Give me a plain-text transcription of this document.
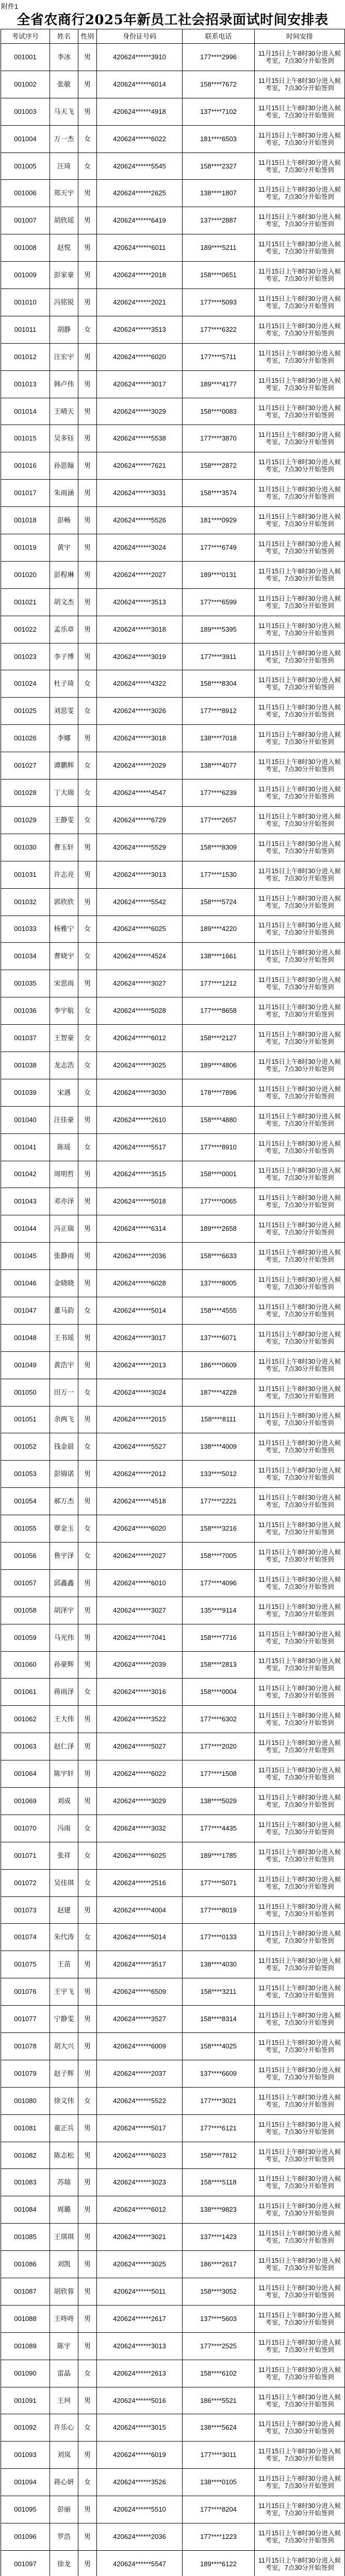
附件1
全省农商行2025年新员工社会招录面试时间安排表
考试序号	姓名	性别	身份证号码	联系电话	时间安排
001001	李冰	男	420624******3910	177****2996	11月15日上午8时30分进入候考室，7点30分开始签到
001002	张敏	男	420624******6014	158****7672	11月15日上午8时30分进入候考室，7点30分开始签到
001003	马天飞	男	420624******4918	137****7102	11月15日上午8时30分进入候考室，7点30分开始签到
001004	万一杰	女	420624******6022	181****6503	11月15日上午8时30分进入候考室，7点30分开始签到
001005	汪琦	女	420624******5545	158****2327	11月15日上午8时30分进入候考室，7点30分开始签到
001006	郑天宇	男	420624******2625	138****1807	11月15日上午8时30分进入候考室，7点30分开始签到
001007	胡欣瑶	男	420624******6419	137****2887	11月15日上午8时30分进入候考室，7点30分开始签到
001008	赵悦	男	420624******6011	189****5211	11月15日上午8时30分进入候考室，7点30分开始签到
001009	彭家豪	男	420624******2018	158****0651	11月15日上午8时30分进入候考室，7点30分开始签到
001010	冯铭锐	男	420624******2021	177****5093	11月15日上午8时30分进入候考室，7点30分开始签到
001011	胡静	女	420624******3513	177****6322	11月15日上午8时30分进入候考室，7点30分开始签到
001012	汪宏宇	男	420624******6020	177****5711	11月15日上午8时30分进入候考室，7点30分开始签到
001013	韩卢伟	男	420624******3017	189****4177	11月15日上午8时30分进入候考室，7点30分开始签到
001014	王晴天	男	420624******3029	158****0083	11月15日上午8时30分进入候考室，7点30分开始签到
001015	吴多钰	男	420624******5538	177****3870	11月15日上午8时30分进入候考室，7点30分开始签到
001016	孙思翰	男	420624******7621	158****2872	11月15日上午8时30分进入候考室，7点30分开始签到
001017	朱雨涵	男	420624******3031	158****3574	11月15日上午8时30分进入候考室，7点30分开始签到
001018	彭畅	男	420624******5526	181****0929	11月15日上午8时30分进入候考室，7点30分开始签到
001019	黄宇	男	420624******3024	177****6749	11月15日上午8时30分进入候考室，7点30分开始签到
001020	彭程琳	男	420624******2027	189****0131	11月15日上午8时30分进入候考室，7点30分开始签到
001021	胡文杰	男	420624******3513	177****6599	11月15日上午8时30分进入候考室，7点30分开始签到
001022	孟乐章	男	420624******3018	189****5395	11月15日上午8时30分进入候考室，7点30分开始签到
001023	李子博	男	420624******3019	177****3911	11月15日上午8时30分进入候考室，7点30分开始签到
001024	杜子琦	女	420624******4322	158****8304	11月15日上午8时30分进入候考室，7点30分开始签到
001025	刘思雯	女	420624******3026	177****8912	11月15日上午8时30分进入候考室，7点30分开始签到
001026	李娜	男	420624******3018	138****7018	11月15日上午8时30分进入候考室，7点30分开始签到
001027	谭鹏辉	女	420624******2029	138****4077	11月15日上午8时30分进入候考室，7点30分开始签到
001028	丁大瑞	女	420624******4547	177****6239	11月15日上午8时30分进入候考室，7点30分开始签到
001029	王静雯	女	420624******6729	177****2657	11月15日上午8时30分进入候考室，7点30分开始签到
001030	曹玉轩	男	420624******5529	158****8309	11月15日上午8时30分进入候考室，7点30分开始签到
001031	许志亮	男	420624******3013	177****1530	11月15日上午8时30分进入候考室，7点30分开始签到
001032	郭欣欣	男	420624******5542	158****5724	11月15日上午8时30分进入候考室，7点30分开始签到
001033	杨雅宁	女	420624******6025	189****4220	11月15日上午8时30分进入候考室，7点30分开始签到
001034	曹晓宇	女	420624******4524	138****1661	11月15日上午8时30分进入候考室，7点30分开始签到
001035	宋思雨	男	420624******3027	177****1212	11月15日上午8时30分进入候考室，7点30分开始签到
001036	李宇航	女	420624******5028	177****8658	11月15日上午8时30分进入候考室，7点30分开始签到
001037	王智豪	女	420624******6012	158****2127	11月15日上午8时30分进入候考室，7点30分开始签到
001038	龙志浩	女	420624******3025	189****4806	11月15日上午8时30分进入候考室，7点30分开始签到
001039	宋遇	女	420624******3030	178****7896	11月15日上午8时30分进入候考室，7点30分开始签到
001040	汪佳豪	男	420624******2610	158****4880	11月15日上午8时30分进入候考室，7点30分开始签到
001041	陈瑶	女	420624******5517	177****8910	11月15日上午8时30分进入候考室，7点30分开始签到
001042	周明哲	男	420624******3515	158****0001	11月15日上午8时30分进入候考室，7点30分开始签到
001043	邓亦泽	男	420624******5018	177****0065	11月15日上午8时30分进入候考室，7点30分开始签到
001044	冯正瑞	男	420624******6314	189****2658	11月15日上午8时30分进入候考室，7点30分开始签到
001045	张静雨	男	420624******2036	158****6633	11月15日上午8时30分进入候考室，7点30分开始签到
001046	金晓晓	男	420624******6028	137****8005	11月15日上午8时30分进入候考室，7点30分开始签到
001047	董马韵	女	420624******5014	158****4555	11月15日上午8时30分进入候考室，7点30分开始签到
001048	王书瑶	男	420624******3017	137****6071	11月15日上午8时30分进入候考室，7点30分开始签到
001049	黄浩宇	男	420624******2013	186****0609	11月15日上午8时30分进入候考室，7点30分开始签到
001050	田万一	女	420624******3024	187****4228	11月15日上午8时30分进入候考室，7点30分开始签到
001051	余两飞	男	420624******2015	158****8111	11月15日上午8时30分进入候考室，7点30分开始签到
001052	钱金晨	女	420624******5527	138****4009	11月15日上午8时30分进入候考室，7点30分开始签到
001053	彭锦诺	男	420624******2012	133****5012	11月15日上午8时30分进入候考室，7点30分开始签到
001054	郝万杰	男	420624******4518	177****2221	11月15日上午8时30分进入候考室，7点30分开始签到
001055	覃金玉	女	420624******6020	158****3216	11月15日上午8时30分进入候考室，7点30分开始签到
001056	鲁宇泽	女	420624******2027	158****7005	11月15日上午8时30分进入候考室，7点30分开始签到
001057	邱鑫鑫	男	420624******6010	177****4096	11月15日上午8时30分进入候考室，7点30分开始签到
001058	胡泽宇	男	420624******3027	135****9114	11月15日上午8时30分进入候考室，7点30分开始签到
001059	马光伟	男	420624******7041	158****7716	11月15日上午8时30分进入候考室，7点30分开始签到
001060	孙豪辉	男	420624******2039	158****2813	11月15日上午8时30分进入候考室，7点30分开始签到
001061	蒋雨泽	女	420624******3016	158****0004	11月15日上午8时30分进入候考室，7点30分开始签到
001062	王大伟	男	420624******3522	177****6302	11月15日上午8时30分进入候考室，7点30分开始签到
001063	赵仁泽	男	420624******5027	177****2020	11月15日上午8时30分进入候考室，7点30分开始签到
001064	陈宇轩	男	420624******6022	177****1508	11月15日上午8时30分进入候考室，7点30分开始签到
001069	刘成	男	420624******3029	138****5029	11月15日上午8时30分进入候考室，7点30分开始签到
001070	冯雨	女	420624******3032	177****4435	11月15日上午8时30分进入候考室，7点30分开始签到
001071	张祥	女	420624******6025	189****1785	11月15日上午8时30分进入候考室，7点30分开始签到
001072	吴佳琪	女	420624******2516	177****5071	11月15日上午8时30分进入候考室，7点30分开始签到
001073	赵建	男	420624******4004	177****8019	11月15日上午8时30分进入候考室，7点30分开始签到
001074	朱代涛	女	420624******5014	177****0133	11月15日上午8时30分进入候考室，7点30分开始签到
001075	王苗	男	420624******3517	138****4030	11月15日上午8时30分进入候考室，7点30分开始签到
001076	王宇飞	男	420624******6509	158****3211	11月15日上午8时30分进入候考室，7点30分开始签到
001077	宁静雯	男	420624******3527	158****8314	11月15日上午8时30分进入候考室，7点30分开始签到
001078	胡大兴	男	420624******6009	158****4025	11月15日上午8时30分进入候考室，7点30分开始签到
001079	赵子辉	男	420624******2037	137****6609	11月15日上午8时30分进入候考室，7点30分开始签到
001080	徐文伟	女	420624******5522	177****3021	11月15日上午8时30分进入候考室，7点30分开始签到
001081	童正兵	男	420624******5017	177****6121	11月15日上午8时30分进入候考室，7点30分开始签到
001082	陈志松	男	420624******6023	158****7812	11月15日上午8时30分进入候考室，7点30分开始签到
001083	苏瑞	男	420624******3023	158****5118	11月15日上午8时30分进入候考室，7点30分开始签到
001084	周璐	男	420624******6012	138****9823	11月15日上午8时30分进入候考室，7点30分开始签到
001085	王琪琪	男	420624******3021	137****1423	11月15日上午8时30分进入候考室，7点30分开始签到
001086	刘凯	男	420624******3025	186****2617	11月15日上午8时30分进入候考室，7点30分开始签到
001087	胡欣蓉	男	420624******5011	158****3052	11月15日上午8时30分进入候考室，7点30分开始签到
001088	王咚咚	男	420624******2617	137****5603	11月15日上午8时30分进入候考室，7点30分开始签到
001089	陈宇	男	420624******3013	177****2525	11月15日上午8时30分进入候考室，7点30分开始签到
001090	雷晶	女	420624******2613	158****6102	11月15日上午8时30分进入候考室，7点30分开始签到
001091	王珂	男	420624******5016	186****5521	11月15日上午8时30分进入候考室，7点30分开始签到
001092	许乐心	女	420624******3015	138****5624	11月15日上午8时30分进入候考室，7点30分开始签到
001093	刘岚	男	420624******6019	177****3011	11月15日上午8时30分进入候考室，7点30分开始签到
001094	蒋心妍	女	420624******3526	138****0105	11月15日上午8时30分进入候考室，7点30分开始签到
001095	彭丽	男	420624******5510	177****8204	11月15日上午8时30分进入候考室，7点30分开始签到
001096	罗浩	男	420624******2036	177****1223	11月15日上午8时30分进入候考室，7点30分开始签到
001097	徐龙	男	420624******5547	189****6122	11月15日上午8时30分进入候考室，7点30分开始签到
